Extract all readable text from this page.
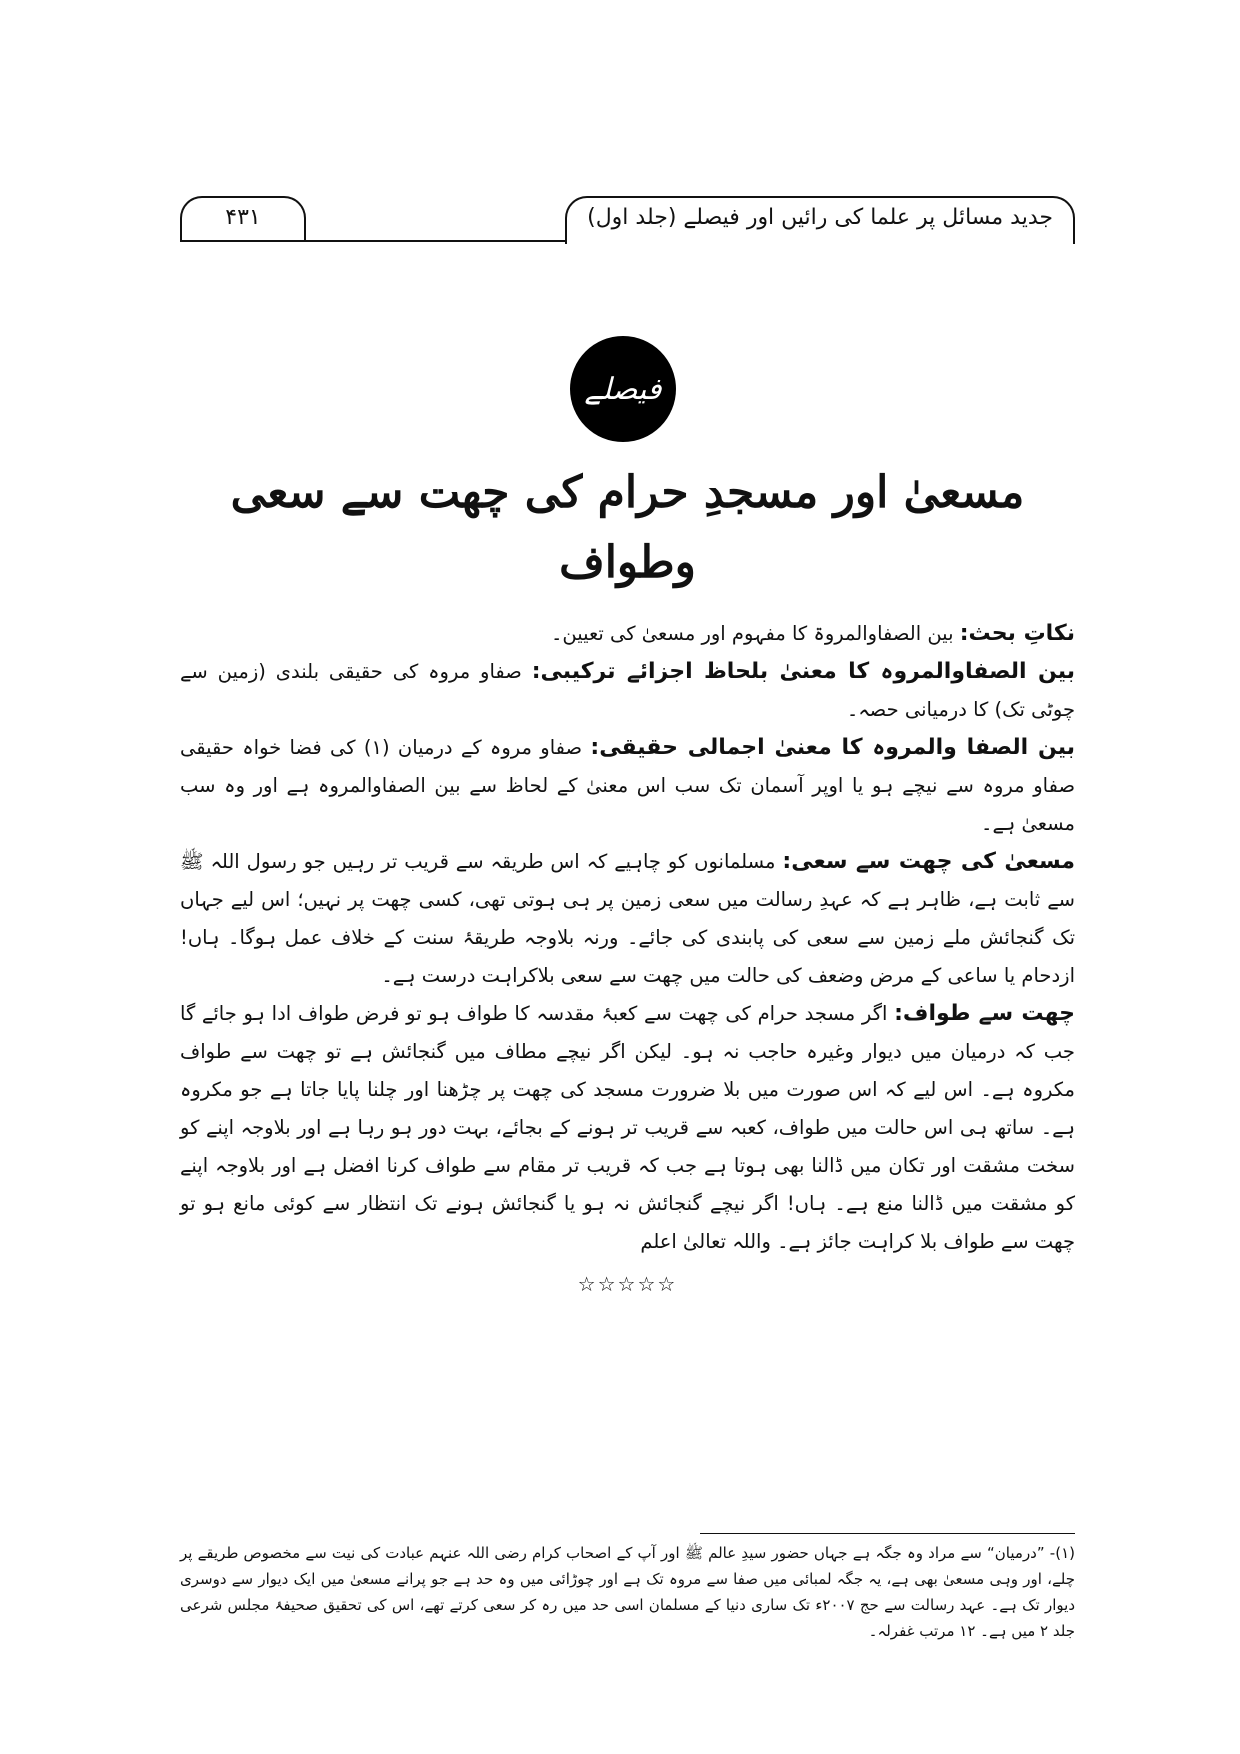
جدید مسائل پر علما کی رائیں اور فیصلے (جلد اول)
۴۳۱
فیصلے
مسعیٰ اور مسجدِ حرام کی چھت سے سعی وطواف

نکاتِ بحث: بین الصفاوالمروۃ کا مفہوم اور مسعیٰ کی تعیین۔

بین الصفاوالمروہ کا معنیٰ بلحاظ اجزائے ترکیبی: صفاو مروہ کی حقیقی بلندی (زمین سے چوٹی تک) کا درمیانی حصہ۔

بین الصفا والمروہ کا معنیٰ اجمالی حقیقی: صفاو مروہ کے درمیان (۱) کی فضا خواہ حقیقی صفاو مروہ سے نیچے ہو یا اوپر آسمان تک سب اس معنیٰ کے لحاظ سے بین الصفاوالمروہ ہے اور وہ سب مسعیٰ ہے۔

مسعیٰ کی چھت سے سعی: مسلمانوں کو چاہیے کہ اس طریقہ سے قریب تر رہیں جو رسول اللہ ﷺ سے ثابت ہے، ظاہر ہے کہ عہدِ رسالت میں سعی زمین پر ہی ہوتی تھی، کسی چھت پر نہیں؛ اس لیے جہاں تک گنجائش ملے زمین سے سعی کی پابندی کی جائے۔ ورنہ بلاوجہ طریقۂ سنت کے خلاف عمل ہوگا۔ ہاں! ازدحام یا ساعی کے مرض وضعف کی حالت میں چھت سے سعی بلاکراہت درست ہے۔

چھت سے طواف: اگر مسجد حرام کی چھت سے کعبۂ مقدسہ کا طواف ہو تو فرض طواف ادا ہو جائے گا جب کہ درمیان میں دیوار وغیرہ حاجب نہ ہو۔ لیکن اگر نیچے مطاف میں گنجائش ہے تو چھت سے طواف مکروہ ہے۔ اس لیے کہ اس صورت میں بلا ضرورت مسجد کی چھت پر چڑھنا اور چلنا پایا جاتا ہے جو مکروہ ہے۔ ساتھ ہی اس حالت میں طواف، کعبہ سے قریب تر ہونے کے بجائے، بہت دور ہو رہا ہے اور بلاوجہ اپنے کو سخت مشقت اور تکان میں ڈالنا بھی ہوتا ہے جب کہ قریب تر مقام سے طواف کرنا افضل ہے اور بلاوجہ اپنے کو مشقت میں ڈالنا منع ہے۔ ہاں! اگر نیچے گنجائش نہ ہو یا گنجائش ہونے تک انتظار سے کوئی مانع ہو تو چھت سے طواف بلا کراہت جائز ہے۔ واللہ تعالیٰ اعلم

☆☆☆☆☆
(۱)- ”درمیان“ سے مراد وہ جگہ ہے جہاں حضور سیدِ عالم ﷺ اور آپ کے اصحاب کرام رضی اللہ عنہم عبادت کی نیت سے مخصوص طریقے پر چلے، اور وہی مسعیٰ بھی ہے، یہ جگہ لمبائی میں صفا سے مروہ تک ہے اور چوڑائی میں وہ حد ہے جو پرانے مسعیٰ میں ایک دیوار سے دوسری دیوار تک ہے۔ عہد رسالت سے حج ۲۰۰۷ء تک ساری دنیا کے مسلمان اسی حد میں رہ کر سعی کرتے تھے، اس کی تحقیق صحیفۂ مجلس شرعی جلد ۲ میں ہے۔ ۱۲ مرتب غفرلہ۔
